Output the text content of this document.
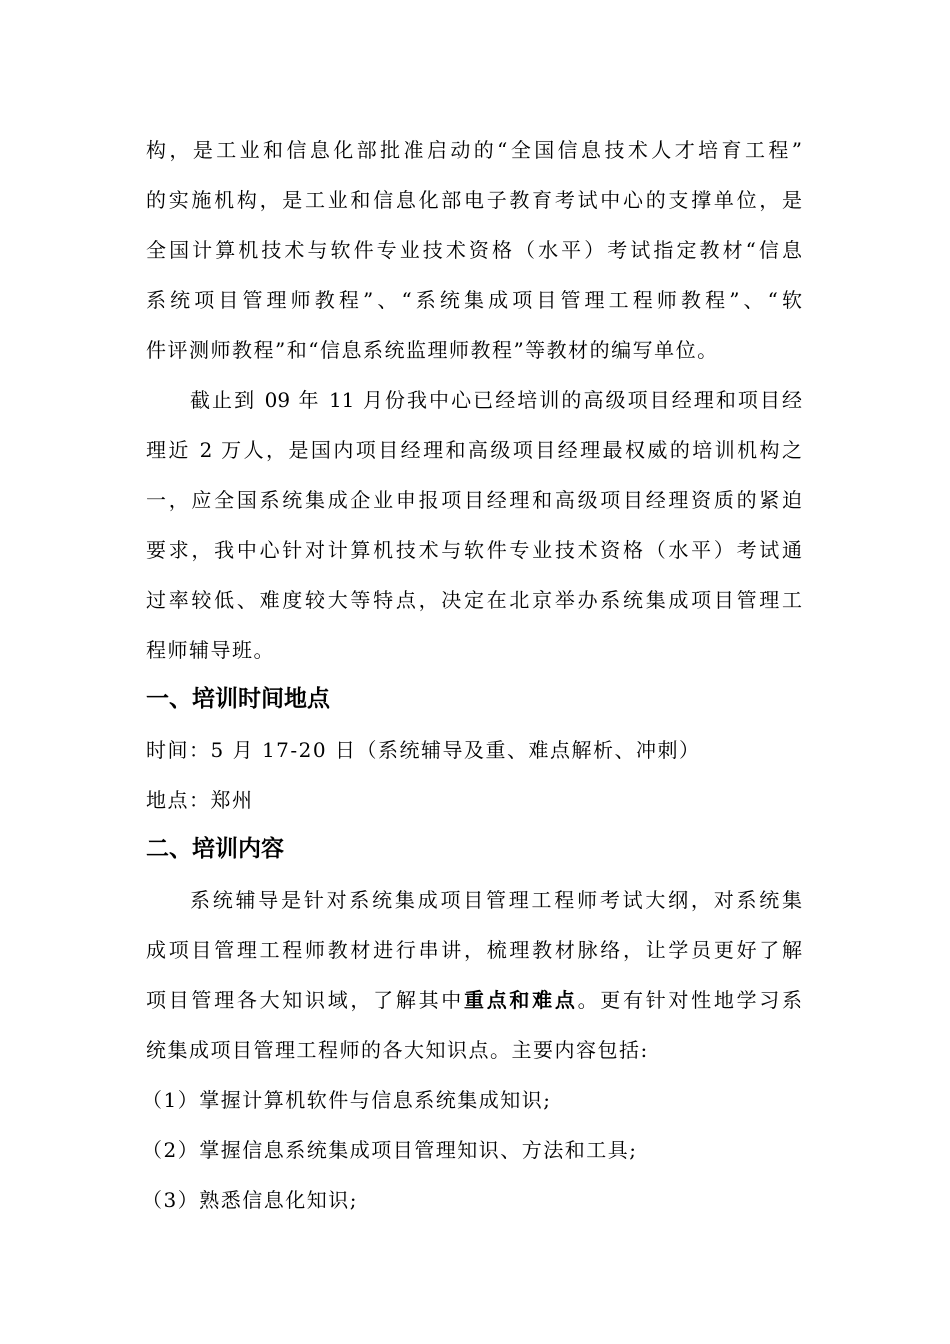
构，是工业和信息化部批准启动的“全国信息技术人才培育工程”
的实施机构，是工业和信息化部电子教育考试中心的支撑单位，是
全国计算机技术与软件专业技术资格（水平）考试指定教材“信息
系统项目管理师教程”、“系统集成项目管理工程师教程”、“软
件评测师教程”和“信息系统监理师教程”等教材的编写单位。
截止到 09 年 11 月份我中心已经培训的高级项目经理和项目经
理近 2 万人，是国内项目经理和高级项目经理最权威的培训机构之
一，应全国系统集成企业申报项目经理和高级项目经理资质的紧迫
要求，我中心针对计算机技术与软件专业技术资格（水平）考试通
过率较低、难度较大等特点，决定在北京举办系统集成项目管理工
程师辅导班。
一、培训时间地点
时间：5 月 17-20 日（系统辅导及重、难点解析、冲刺）
地点：郑州
二、培训内容
系统辅导是针对系统集成项目管理工程师考试大纲，对系统集
成项目管理工程师教材进行串讲，梳理教材脉络，让学员更好了解
项目管理各大知识域，了解其中重点和难点。更有针对性地学习系
统集成项目管理工程师的各大知识点。主要内容包括:
（1）掌握计算机软件与信息系统集成知识;
（2）掌握信息系统集成项目管理知识、方法和工具;
（3）熟悉信息化知识;
